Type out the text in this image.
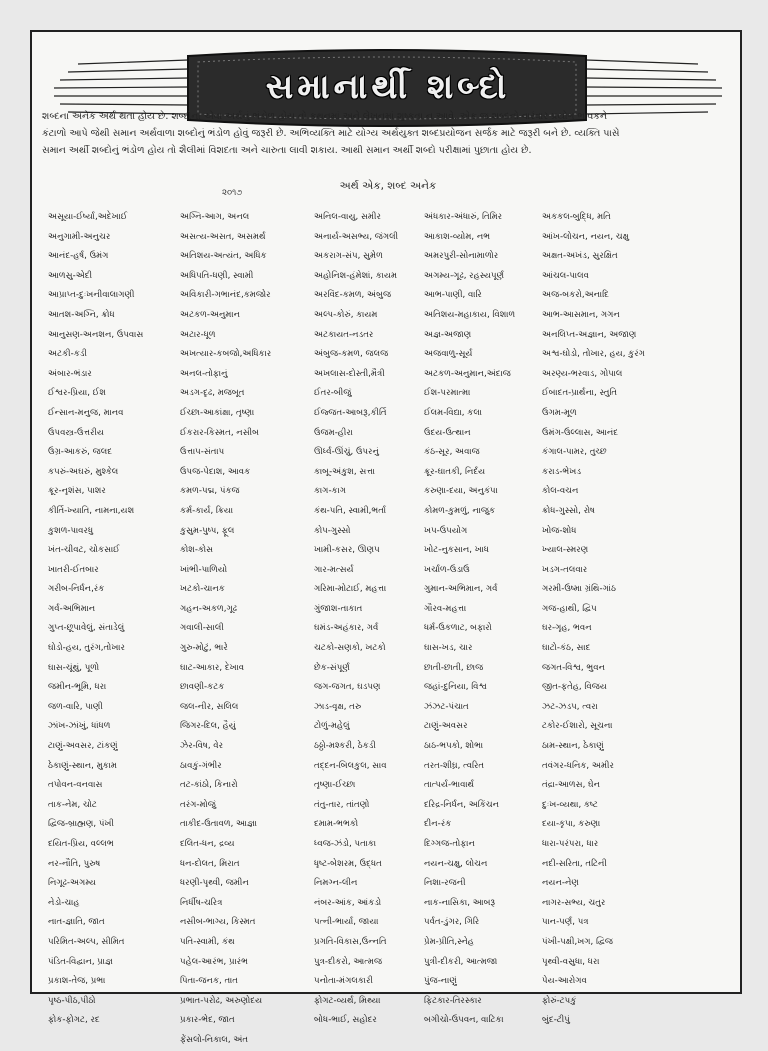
સમાનાર્થી શબ્દો

શબ્દના અનેક અર્થ થતા હોય છે. શબ્દોના એવા અર્થનું ભંડોળ હોય તો કથનમાં અને લેખનમાં શુષ્કતા ન આવે. એક જ શબ્દનો વારંવાર પ્રયોગ ભાવકને

કંટાળો આપે જેથી સમાન અર્થવાળા શબ્દોનું ભંડોળ હોવું જરૂરી છે. અભિવ્યક્તિ માટે યોગ્ય અર્થયુક્ત શબ્દપ્રયોજન સર્જક માટે જરૂરી બને છે. વ્યક્તિ પાસે

સમાન અર્થી શબ્દોનું ભંડોળ હોય તો શૈલીમાં વિશદતા અને ચારુતા લાવી શકાય. આથી સમાન અર્થી શબ્દો પરીક્ષામાં પુછાતા હોય છે.

૨૦૧૭
અર્થ એક, શબ્દ અનેક
અસૂયા-ઈર્ષ્યા,અદેખાઈ
અનુગામી-અનુચર
આનંદ-હર્ષ, ઉમંગ
આળસુ-એદી
આપ્રાપ્ત-દુઃખનીવાલાગણી
આતશ-અગ્નિ, ક્રોધ
આનુસણ-અનશન, ઉપવાસ
અટકી-કડી
અંબાર-ભંડાર
ઈશ્વર-પ્રિયા, ઈશ
ઈન્સાન-મનુજ, માનવ
ઉપવસ્ત્ર-ઉત્તરીય
ઉગ્ર-આકરું, જલદ
કપરું-અઘરું, મુશ્કેલ
ક્રૂર-નૃશંસ, પાશર
કીર્તિ-ખ્યાતિ, નામના,યશ
કુશળ-પાવરધુ
ખંત-ચીવટ, ચોકસાઈ
ખાતરી-ઈતબાર
ગરીબ-નિર્ધન,રંક
ગર્વ-અભિમાન
ગુપ્ત-છૂપાવેલું, સંતાડેલું
ઘોડો-હય, તુરંગ,તોખાર
ઘાસ-ચૂંથું, પૂળો
જમીન-ભૂમિ, ધરા
જળ-વારિ, પાણી
ઝાંખ-ઝાંખું, ધાંધળ
ટાણું-અવસર, ટાંકણું
ઠેકાણું-સ્થાન, મુકામ
તપોવન-વનવાસ
તાક-નેમ, ચોટ
દ્વિજ-બ્રાહ્મણ, પંખી
દયિત-પ્રિય, વલ્લભ
નર-નૌતિ, પુરુષ
નિગૂઢ-અગમ્ય
નેડો-ચાહ
નાત-જ્ઞાતિ, જાત
પરિમિત-અલ્પ, સીમિત
પંડિત-વિદ્વાન, પ્રાજ્ઞ
પ્રકાશ-તેજ, પ્રભા
પૃષ્ઠ-પીઠ,પીઠો
ફોક-ફોગટ, રદ
અગ્નિ-આગ, અનલ
અસત્ય-અસત, અસમર્થ
અતિશય-અત્યંત, અધિક
અધિપતિ-ધણી, સ્વામી
અવિકારી-ગભાનંદ,કમજોર
અટકળ-અનુમાન
અટાર-ધૂળ
અખત્યાર-કબજો,અધિકાર
અનલ-તોફાનું
અડગ-દૃઢ, મજબૂત
ઈચ્છા-આકાંક્ષા, તૃષ્ણા
ઈકરાર-કિસ્મત, નસીબ
ઉત્તાપ-સંતાપ
ઉપજ-પેદાશ, આવક
કમળ-પદ્મ, પંકજ
કર્મ-કાર્ય, ક્રિયા
કુસુમ-પુષ્પ, ફૂલ
કોશ-કોસ
ખાંભી-પાળિયો
ખટકો-ચાનક
ગહન-અકળ,ગૂઢ
ગવાલી-સાલી
ગુરુ-મોટું, ભારે
ઘાટ-આકાર, દેખાવ
છાવણી-કટક
જલ-નીર, સલિલ
જિગર-દિલ, હૈયું
ઝેર-વિષ, વેર
ઠાવકું-ગંભીર
તટ-કાંઠો, કિનારો
તરંગ-મોજું
તાકીદ-ઉતાવળ, આજ્ઞા
દલિત-ધન, દ્રવ્ય
ધન-દોલત, મિરાત
ધરણી-પૃથ્વી, જમીન
નિર્ધીષ-ચરિત્ર
નસીબ-ભાગ્ય, કિસ્મત
પતિ-સ્વામી, કંથ
પહેલ-આરંભ, પ્રારંભ
પિતા-જનક, તાત
પ્રભાત-પરોઢ, અરુણોદય
પ્રકાર-ભેદ, જાત
ફેંસલો-નિકાલ, અંત
અનિલ-વાયુ, સમીર
અનાર્ય-અસભ્ય, જંગલી
અકરાગ-સંપ, સુમેળ
અહોનિશ-હંમેશાં, કાયમ
અરવિંદ-કમળ, અંબુજ
અલ્પ-કોરું, કાયમ
અટકાયત-નડતર
અંબુજ-કમળ, જલજ
અખલાસ-દોસ્તી,મૈત્રી
ઈતર-બીજું
ઈજ્જત-આબરૂ,કીર્તિ
ઉજમ-હીરા
ઊર્ધ્વ-ઊંચું, ઉપરનું
કાબૂ-અંકુશ, સત્તા
કાગ-કાગ
કંથ-પતિ, સ્વામી,ભર્તા
કોપ-ગુસ્સો
ખામી-કસર, ઊણપ
ગાર-મત્સર્ય
ગરિમા-મોટાઈ, મહત્તા
ગુંજાશ-તાકાત
ઘમંડ-અહંકાર, ગર્વ
ચટકો-સણકો, ખટકો
છેક-સંપૂર્ણ
જગ-જગત, ઘડપણ
ઝાડ-વૃક્ષ, તરુ
ટોળું-મહેલું
ઠઠ્ઠો-મશ્કરી, ઠેકડી
તદ્દન-બિલકુલ, સાવ
તૃષ્ણા-ઈચ્છા
તંતુ-તાર, તાંતણો
દમામ-ભભકો
ધ્વજ-ઝંડો, પતાકા
ધૃષ્ટ-બેશરમ, ઉદ્ધત
નિમગ્ન-લીન
નંબર-આંક, આંકડો
પત્ની-ભાર્યા, જાયા
પ્રગતિ-વિકાસ,ઉન્નતિ
પુત્ર-દીકરો, આત્મજ
પનોતા-મંગલકારી
ફોગટ-વ્યર્થ, મિથ્યા
બોધ-ભાઈ, સહોદર
અંધકાર-અંધારું, તિમિર
આકાશ-વ્યોમ, નભ
અમરપુરી-સોનામાળોર
અગમ્ય-ગૂઢ, રહસ્યપૂર્ણ
આભ-પાણી, વારિ
અતિશય-મહાકાય, વિશાળ
અજ્ઞ-અજાણ
અજવાળુ-સૂર્ય
અટકળ-અનુમાન,અંદાજ
ઈશ-પરમાત્મા
ઈલમ-વિદ્યા, કલા
ઉદય-ઉત્થાન
કંઠ-સૂર, અવાજ
ક્રૂર-ઘાતકી, નિર્દય
કરુણા-દયા, અનુકંપા
કોમળ-કુમળું, નાજુક
ખપ-ઉપયોગ
ખોટ-નુકસાન, ખાધ
ખર્ચાળ-ઉડાઉ
ગુમાન-અભિમાન, ગર્વ
ગૌરવ-મહત્તા
ધર્મ-ઉકળાટ, બફારો
ઘાસ-ખડ, ચાર
છાતી-છાતી, છાજ
જહાં-દુનિયા, વિશ્વ
ઝંઝટ-પંચાત
ટાણું-અવસર
ઠાઠ-ભપકો, શોભા
તરત-શીઘ્ર, ત્વરિત
તાત્પર્ય-ભાવાર્થ
દરિદ્ર-નિર્ધન, અકિંચન
દીન-રંક
દિગ્ગજ-તોફાન
નયન-ચક્ષુ, લોચન
નિશા-રજની
નાક-નાસિકા, આબરૂ
પર્વત-ડુંગર, ગિરિ
પ્રેમ-પ્રીતિ,સ્નેહ
પુત્રી-દીકરી, આત્મજા
પુંજ-નાણું
ફિટકાર-તિરસ્કાર
બગીચો-ઉપવન, વાટિકા
અકકલ-બુદ્ધિ, મતિ
આંખ-લોચન, નયન, ચક્ષુ
અક્ષત-અખંડ, સુરક્ષિત
આંચલ-પાલવ
અજ-બકરો,અનાદિ
આભ-આસમાન, ગગન
અનલિપ્ત-અજ્ઞાન, અજાણ
અશ્વ-ઘોડો, તોખાર, હય, કુરંગ
અરણ્ય-ભરવાડ, ગોપાલ
ઈબાદત-પ્રાર્થના, સ્તુતિ
ઉગમ-મૂળ
ઉમંગ-ઉલ્લાસ, આનંદ
કંગાલ-પામર, તુચ્છ
કરાડ-ભેખડ
કોલ-વચન
ક્રોધ-ગુસ્સો, રોષ
ખોજ-શોધ
ખ્યાલ-સ્મરણ
ખડગ-તલવાર
ગરમી-ઉષ્મા ગ્રંથિ-ગાંઠ
ગજ-હાથી, દ્વિપ
ઘર-ગૃહ, ભવન
ઘાટો-કંઠ, સાદ
જગત-વિશ્વ, ભુવન
જીત-ફતેહ, વિજય
ઝટ-ઝડપ, ત્વરા
ટકોર-ઈશારો, સૂચના
ઠામ-સ્થાન, ઠેકાણું
તવંગર-ધનિક, અમીર
તંદ્રા-આળસ, ઘેન
દુઃખ-વ્યથા, કષ્ટ
દયા-કૃપા, કરુણા
ધારા-પરંપરા, ધાર
નદી-સરિતા, તટિની
નયન-નેણ
નાગર-સભ્ય, ચતુર
પાન-પર્ણ, પત્ર
પંખી-પક્ષી,ખગ, દ્વિજ
પૃથ્વી-વસુધા, ધરા
પેય-આરોગવ
ફોરું-ટપકું
બુંદ-ટીપું
